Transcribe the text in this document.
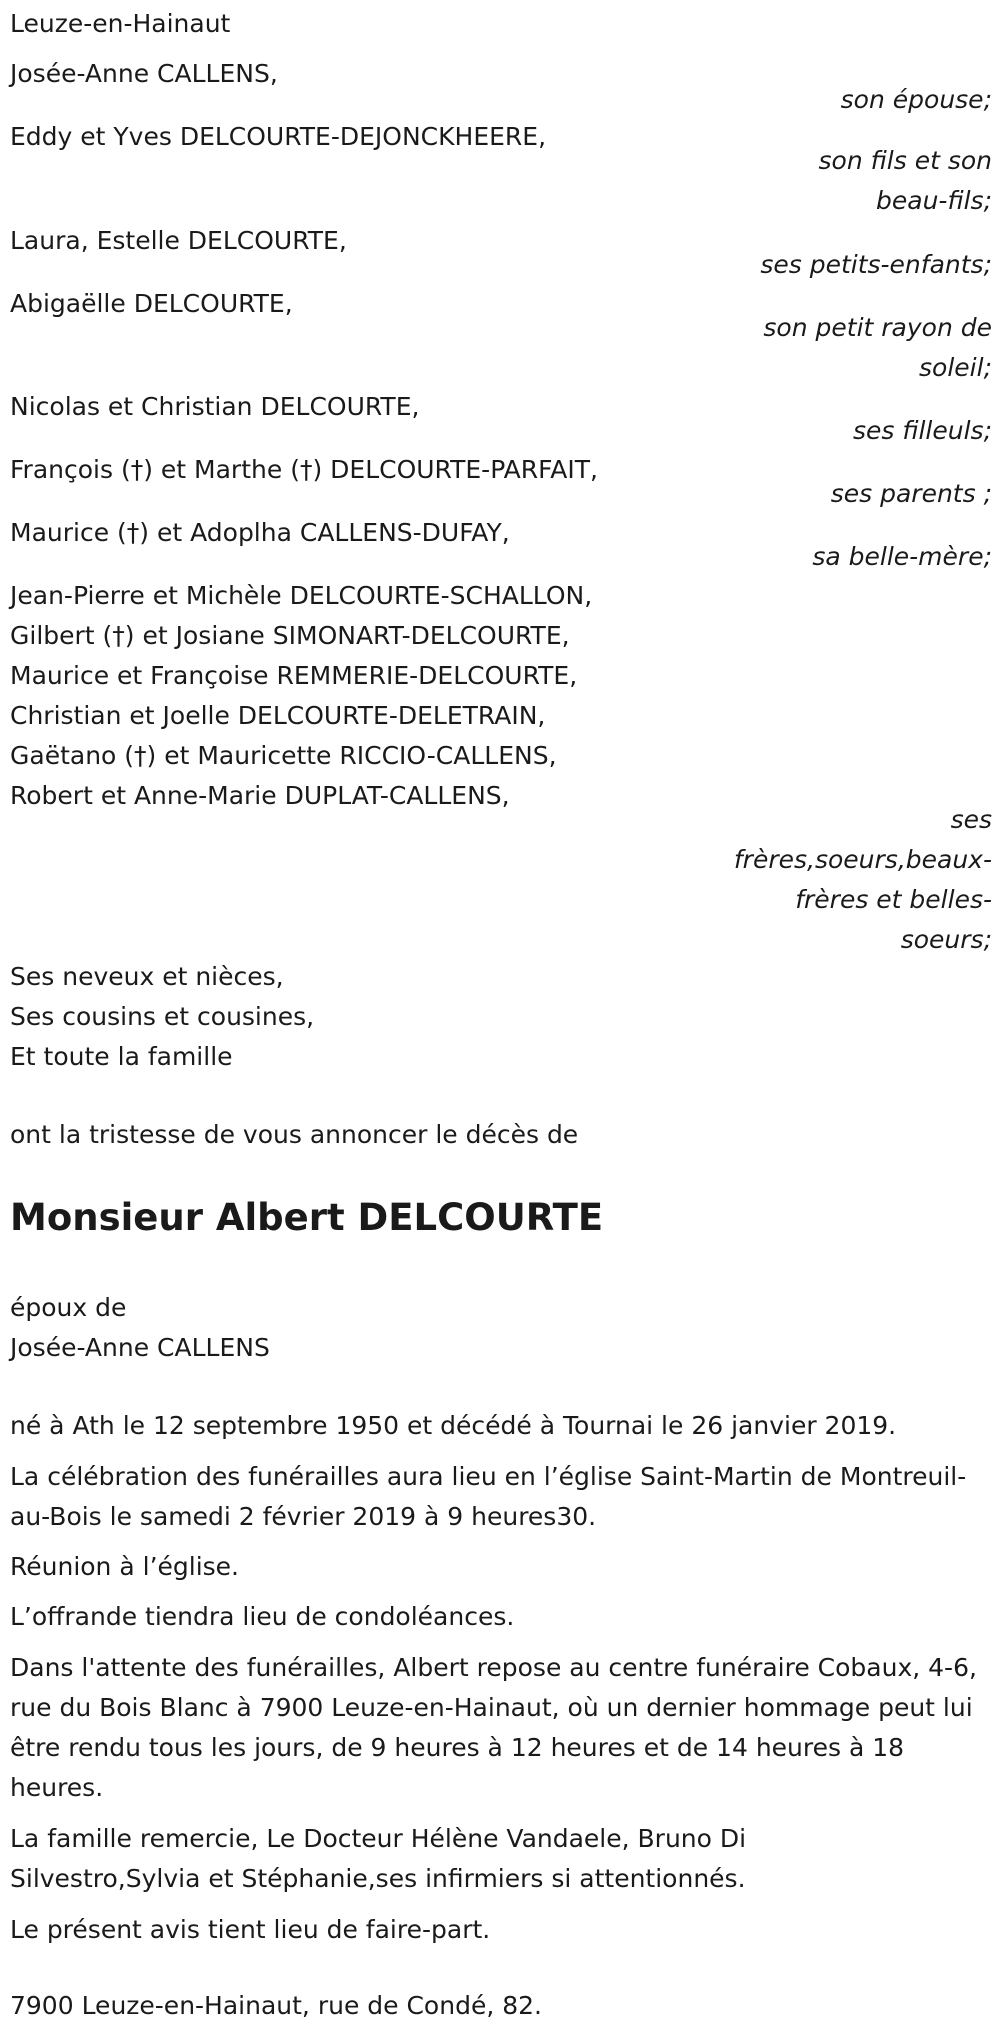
Leuze-en-Hainaut
Josée-Anne CALLENS,
son épouse;
Eddy et Yves DELCOURTE-DEJONCKHEERE,
son fils et son
beau-fils;
Laura, Estelle DELCOURTE,
ses petits-enfants;
Abigaëlle DELCOURTE,
son petit rayon de
soleil;
Nicolas et Christian DELCOURTE,
ses filleuls;
François (†) et Marthe (†) DELCOURTE-PARFAIT,
ses parents ;
Maurice (†) et Adoplha CALLENS-DUFAY,
sa belle-mère;
Jean-Pierre et Michèle DELCOURTE-SCHALLON,
Gilbert (†) et Josiane SIMONART-DELCOURTE,
Maurice et Françoise REMMERIE-DELCOURTE,
Christian et Joelle DELCOURTE-DELETRAIN,
Gaëtano (†) et Mauricette RICCIO-CALLENS,
Robert et Anne-Marie DUPLAT-CALLENS,
ses
frères,soeurs,beaux-
frères et belles-
soeurs;
Ses neveux et nièces,
Ses cousins et cousines,
Et toute la famille
ont la tristesse de vous annoncer le décès de
Monsieur Albert DELCOURTE
époux de
Josée-Anne CALLENS
né à Ath le 12 septembre 1950 et décédé à Tournai le 26 janvier 2019.
La célébration des funérailles aura lieu en l’église Saint-Martin de Montreuil-au-Bois le samedi 2 février 2019 à 9 heures30.
Réunion à l’église.
L’offrande tiendra lieu de condoléances.
Dans l'attente des funérailles, Albert repose au centre funéraire Cobaux, 4-6, rue du Bois Blanc à 7900 Leuze-en-Hainaut, où un dernier hommage peut lui être rendu tous les jours, de 9 heures à 12 heures et de 14 heures à 18 heures.
La famille remercie, Le Docteur Hélène Vandaele, Bruno Di Silvestro,Sylvia et Stéphanie,ses infirmiers si attentionnés.
Le présent avis tient lieu de faire-part.
7900 Leuze-en-Hainaut, rue de Condé, 82.
